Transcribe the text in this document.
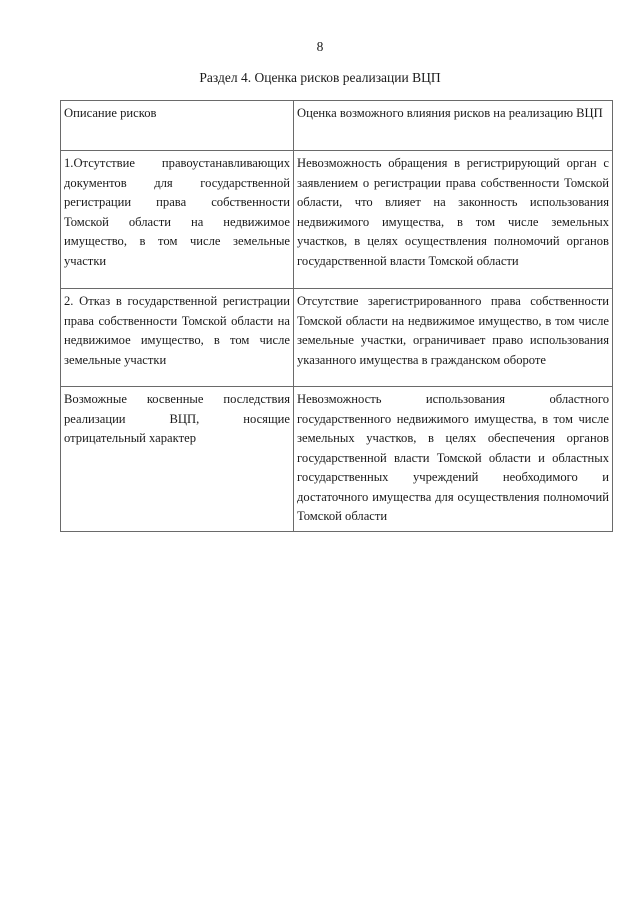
8
Раздел 4. Оценка рисков реализации ВЦП
Описание рисков	Оценка возможного влияния рисков на реализацию ВЦП
1.Отсутствие правоустанавливающих документов для государственной регистрации права собственности Томской области на недвижимое имущество, в том числе земельные участки	Невозможность обращения в регистрирующий орган с заявлением о регистрации права собственности Томской области, что влияет на законность использования недвижимого имущества, в том числе земельных участков, в целях осуществления полномочий органов государственной власти Томской области
2. Отказ в государственной регистрации права собственности Томской области на недвижимое имущество, в том числе земельные участки	Отсутствие зарегистрированного права собственности Томской области на недвижимое имущество, в том числе земельные участки, ограничивает право использования указанного имущества в гражданском обороте
Возможные косвенные последствия реализации ВЦП, носящие отрицательный характер	Невозможность использования областного государственного недвижимого имущества, в том числе земельных участков, в целях обеспечения органов государственной власти Томской области и областных государственных учреждений необходимого и достаточного имущества для осуществления полномочий Томской области
